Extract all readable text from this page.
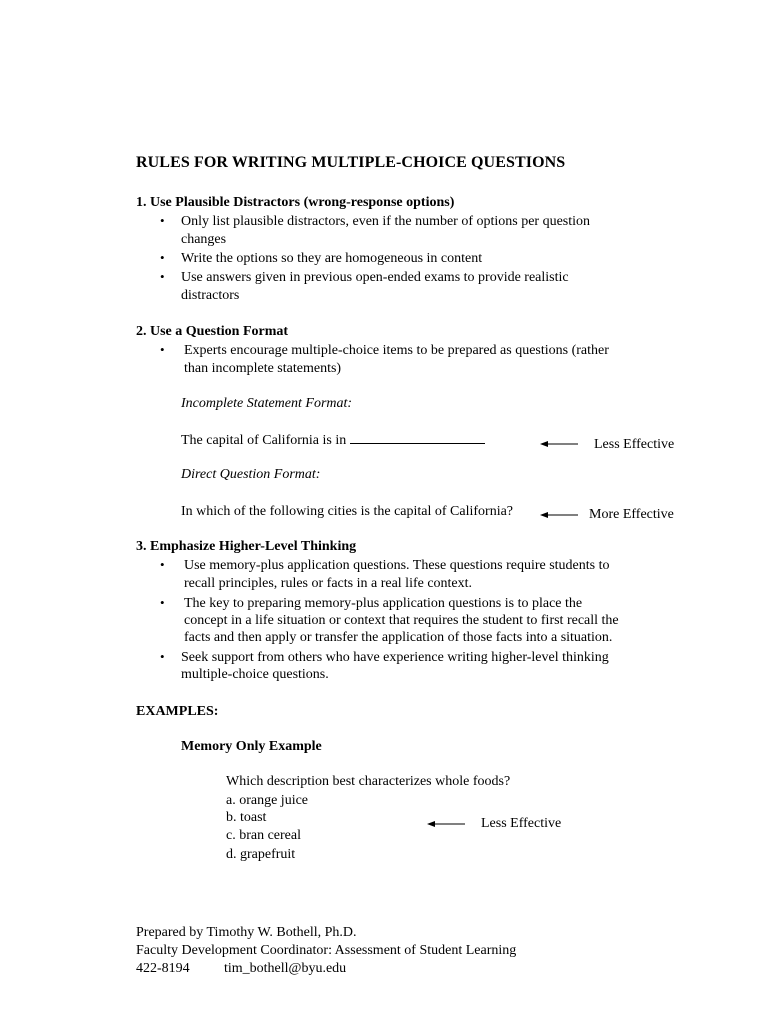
RULES FOR WRITING MULTIPLE-CHOICE QUESTIONS
1. Use Plausible Distractors (wrong-response options)
• Only list plausible distractors, even if the number of options per question
changes
• Write the options so they are homogeneous in content
• Use answers given in previous open-ended exams to provide realistic
distractors
2. Use a Question Format
• Experts encourage multiple-choice items to be prepared as questions (rather
than incomplete statements)
Incomplete Statement Format:
The capital of California is in	Less Effective
Direct Question Format:
In which of the following cities is the capital of California?	More Effective
3. Emphasize Higher-Level Thinking
• Use memory-plus application questions. These questions require students to
recall principles, rules or facts in a real life context.
• The key to preparing memory-plus application questions is to place the
concept in a life situation or context that requires the student to first recall the
facts and then apply or transfer the application of those facts into a situation.
• Seek support from others who have experience writing higher-level thinking
multiple-choice questions.
EXAMPLES:
Memory Only Example
Which description best characterizes whole foods?
a. orange juice
b. toast
c. bran cereal
d. grapefruit
Less Effective
Prepared by Timothy W. Bothell, Ph.D.
Faculty Development Coordinator: Assessment of Student Learning
422-8194 tim_bothell@byu.edu
